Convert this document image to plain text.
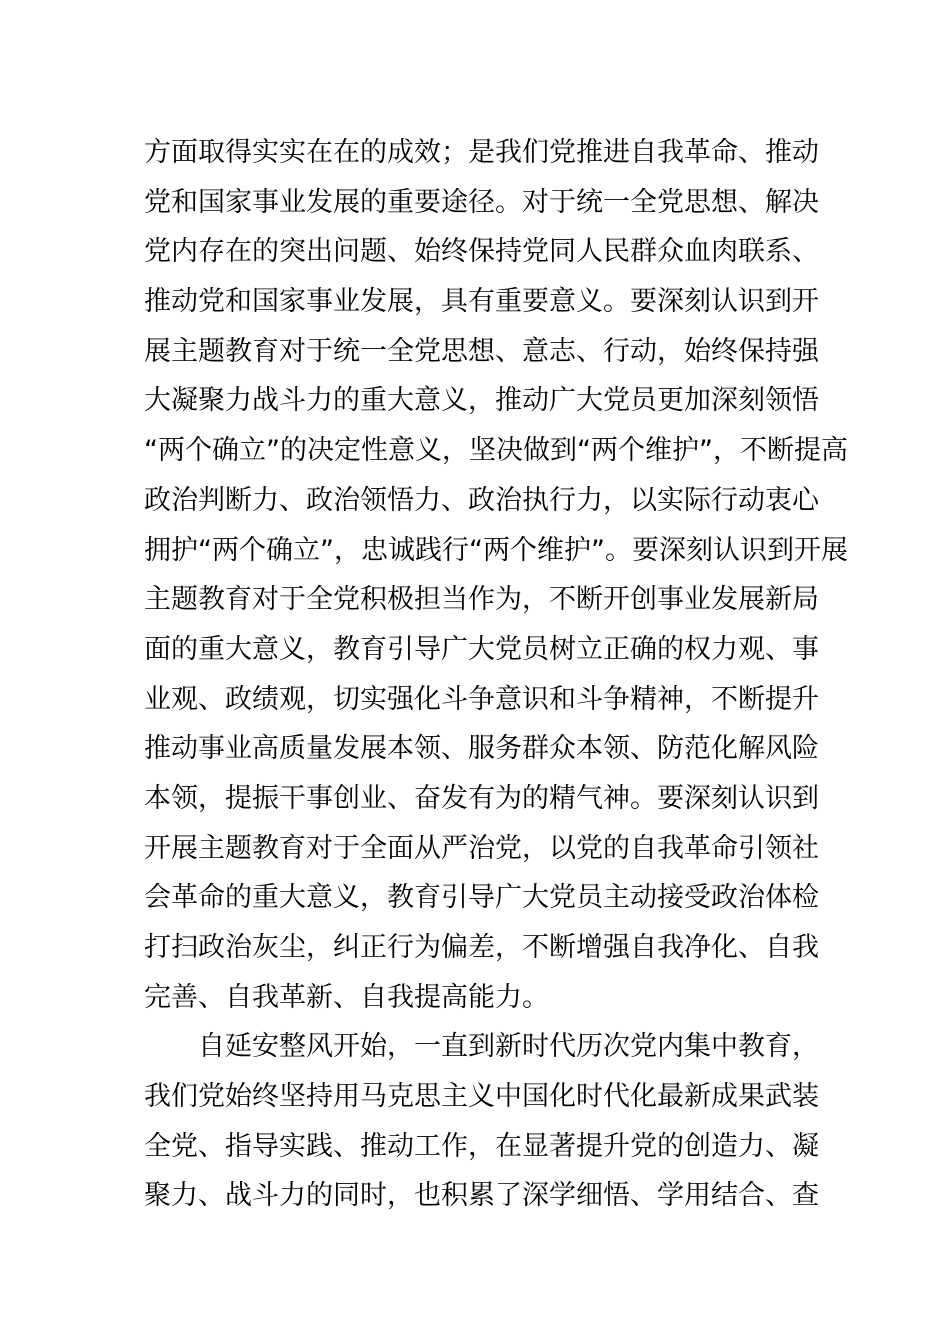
方面取得实实在在的成效；是我们党推进自我革命、推动
党和国家事业发展的重要途径。对于统一全党思想、解决
党内存在的突出问题、始终保持党同人民群众血肉联系、
推动党和国家事业发展，具有重要意义。要深刻认识到开
展主题教育对于统一全党思想、意志、行动，始终保持强
大凝聚力战斗力的重大意义，推动广大党员更加深刻领悟
“两个确立”的决定性意义，坚决做到“两个维护”，不断提高
政治判断力、政治领悟力、政治执行力，以实际行动衷心
拥护“两个确立”，忠诚践行“两个维护”。要深刻认识到开展
主题教育对于全党积极担当作为，不断开创事业发展新局
面的重大意义，教育引导广大党员树立正确的权力观、事
业观、政绩观，切实强化斗争意识和斗争精神，不断提升
推动事业高质量发展本领、服务群众本领、防范化解风险
本领，提振干事创业、奋发有为的精气神。要深刻认识到
开展主题教育对于全面从严治党，以党的自我革命引领社
会革命的重大意义，教育引导广大党员主动接受政治体检
打扫政治灰尘，纠正行为偏差，不断增强自我净化、自我
完善、自我革新、自我提高能力。
自延安整风开始，一直到新时代历次党内集中教育，
我们党始终坚持用马克思主义中国化时代化最新成果武装
全党、指导实践、推动工作，在显著提升党的创造力、凝
聚力、战斗力的同时，也积累了深学细悟、学用结合、查
